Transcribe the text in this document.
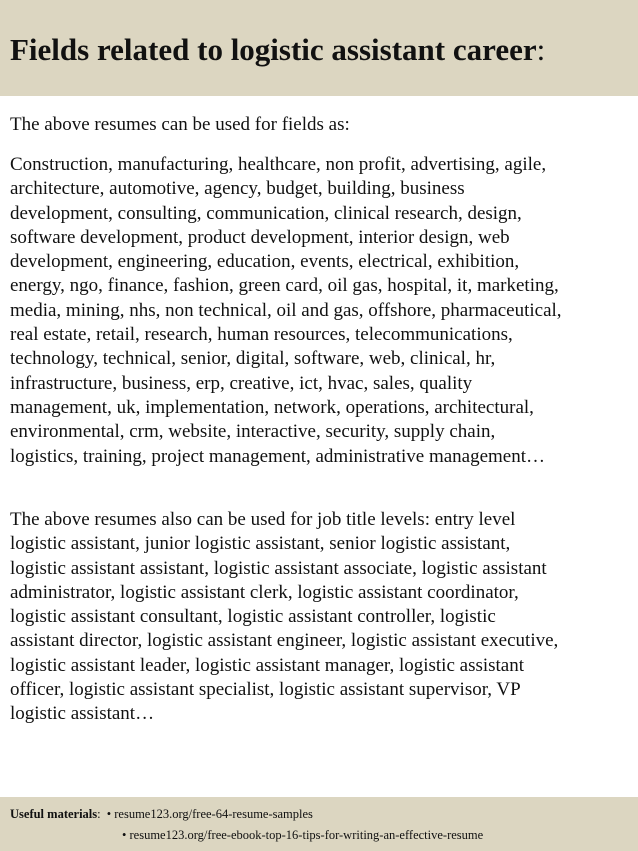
Fields related to logistic assistant career:
The above resumes can be used for fields as:
Construction, manufacturing, healthcare, non profit, advertising, agile,
architecture, automotive, agency, budget, building, business
development, consulting, communication, clinical research, design,
software development, product development, interior design, web
development, engineering, education, events, electrical, exhibition,
energy, ngo, finance, fashion, green card, oil gas, hospital, it, marketing,
media, mining, nhs, non technical, oil and gas, offshore, pharmaceutical,
real estate, retail, research, human resources, telecommunications,
technology, technical, senior, digital, software, web, clinical, hr,
infrastructure, business, erp, creative, ict, hvac, sales, quality
management, uk, implementation, network, operations, architectural,
environmental, crm, website, interactive, security, supply chain,
logistics, training, project management, administrative management…
The above resumes also can be used for job title levels: entry level
logistic assistant, junior logistic assistant, senior logistic assistant,
logistic assistant assistant, logistic assistant associate, logistic assistant
administrator, logistic assistant clerk, logistic assistant coordinator,
logistic assistant consultant, logistic assistant controller, logistic
assistant director, logistic assistant engineer, logistic assistant executive,
logistic assistant leader, logistic assistant manager, logistic assistant
officer, logistic assistant specialist, logistic assistant supervisor, VP
logistic assistant…
Useful materials: • resume123.org/free-64-resume-samples
• resume123.org/free-ebook-top-16-tips-for-writing-an-effective-resume
